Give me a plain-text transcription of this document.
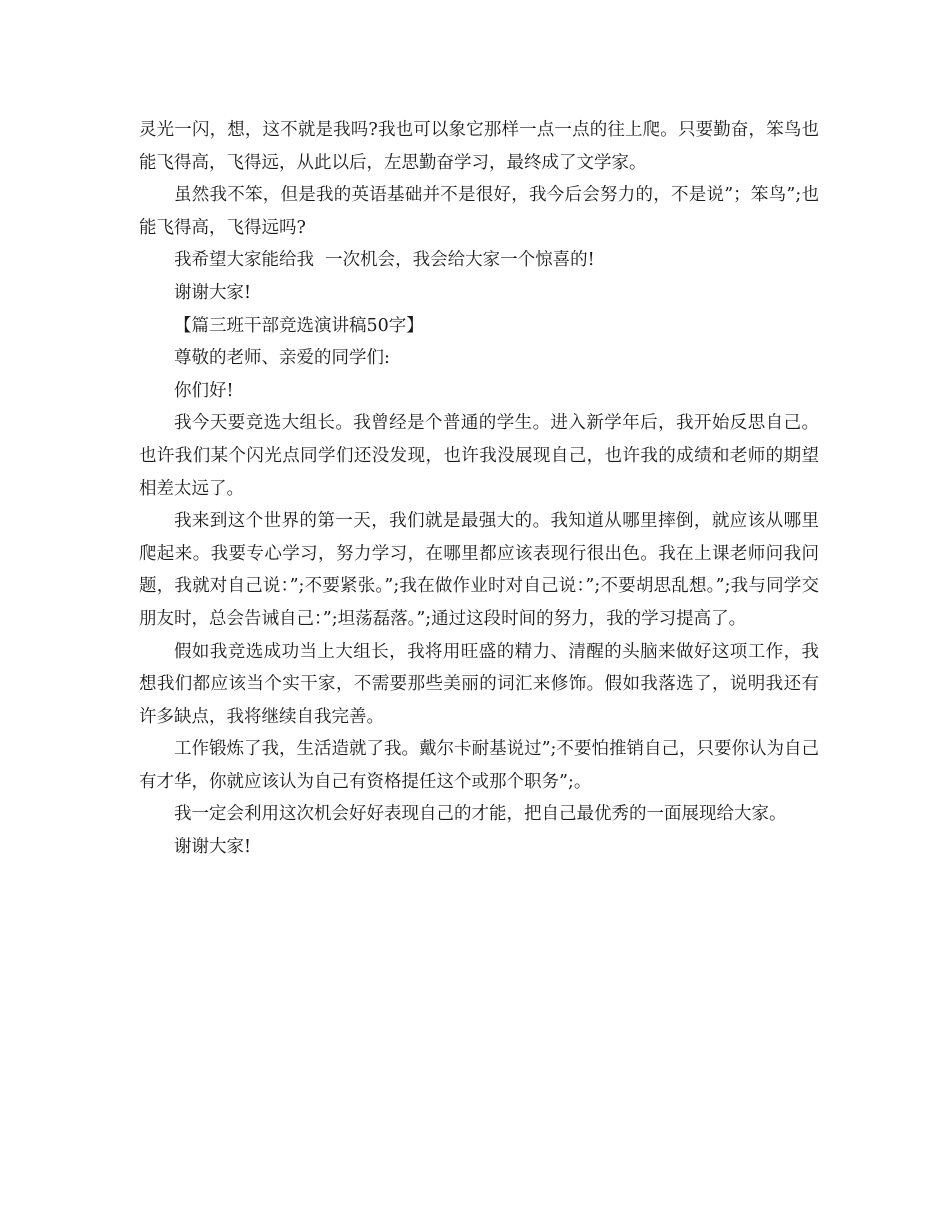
灵光一闪，想，这不就是我吗?我也可以象它那样一点一点的往上爬。只要勤奋，笨鸟也能飞得高，飞得远，从此以后，左思勤奋学习，最终成了文学家。

虽然我不笨，但是我的英语基础并不是很好，我今后会努力的，不是说”；笨鸟”;也能飞得高，飞得远吗?

我希望大家能给我  一次机会，我会给大家一个惊喜的!

谢谢大家!

【篇三班干部竞选演讲稿50字】

尊敬的老师、亲爱的同学们:

你们好!

我今天要竞选大组长。我曾经是个普通的学生。进入新学年后，我开始反思自己。也许我们某个闪光点同学们还没发现，也许我没展现自己，也许我的成绩和老师的期望相差太远了。

我来到这个世界的第一天，我们就是最强大的。我知道从哪里摔倒，就应该从哪里爬起来。我要专心学习，努力学习，在哪里都应该表现行很出色。我在上课老师问我问题，我就对自己说：”;不要紧张。”;我在做作业时对自己说：”;不要胡思乱想。”;我与同学交朋友时，总会告诫自己：”;坦荡磊落。”;通过这段时间的努力，我的学习提高了。

假如我竞选成功当上大组长，我将用旺盛的精力、清醒的头脑来做好这项工作，我想我们都应该当个实干家，不需要那些美丽的词汇来修饰。假如我落选了，说明我还有许多缺点，我将继续自我完善。

工作锻炼了我，生活造就了我。戴尔卡耐基说过”;不要怕推销自己，只要你认为自己有才华，你就应该认为自己有资格提任这个或那个职务”;。

我一定会利用这次机会好好表现自己的才能，把自己最优秀的一面展现给大家。

谢谢大家!
